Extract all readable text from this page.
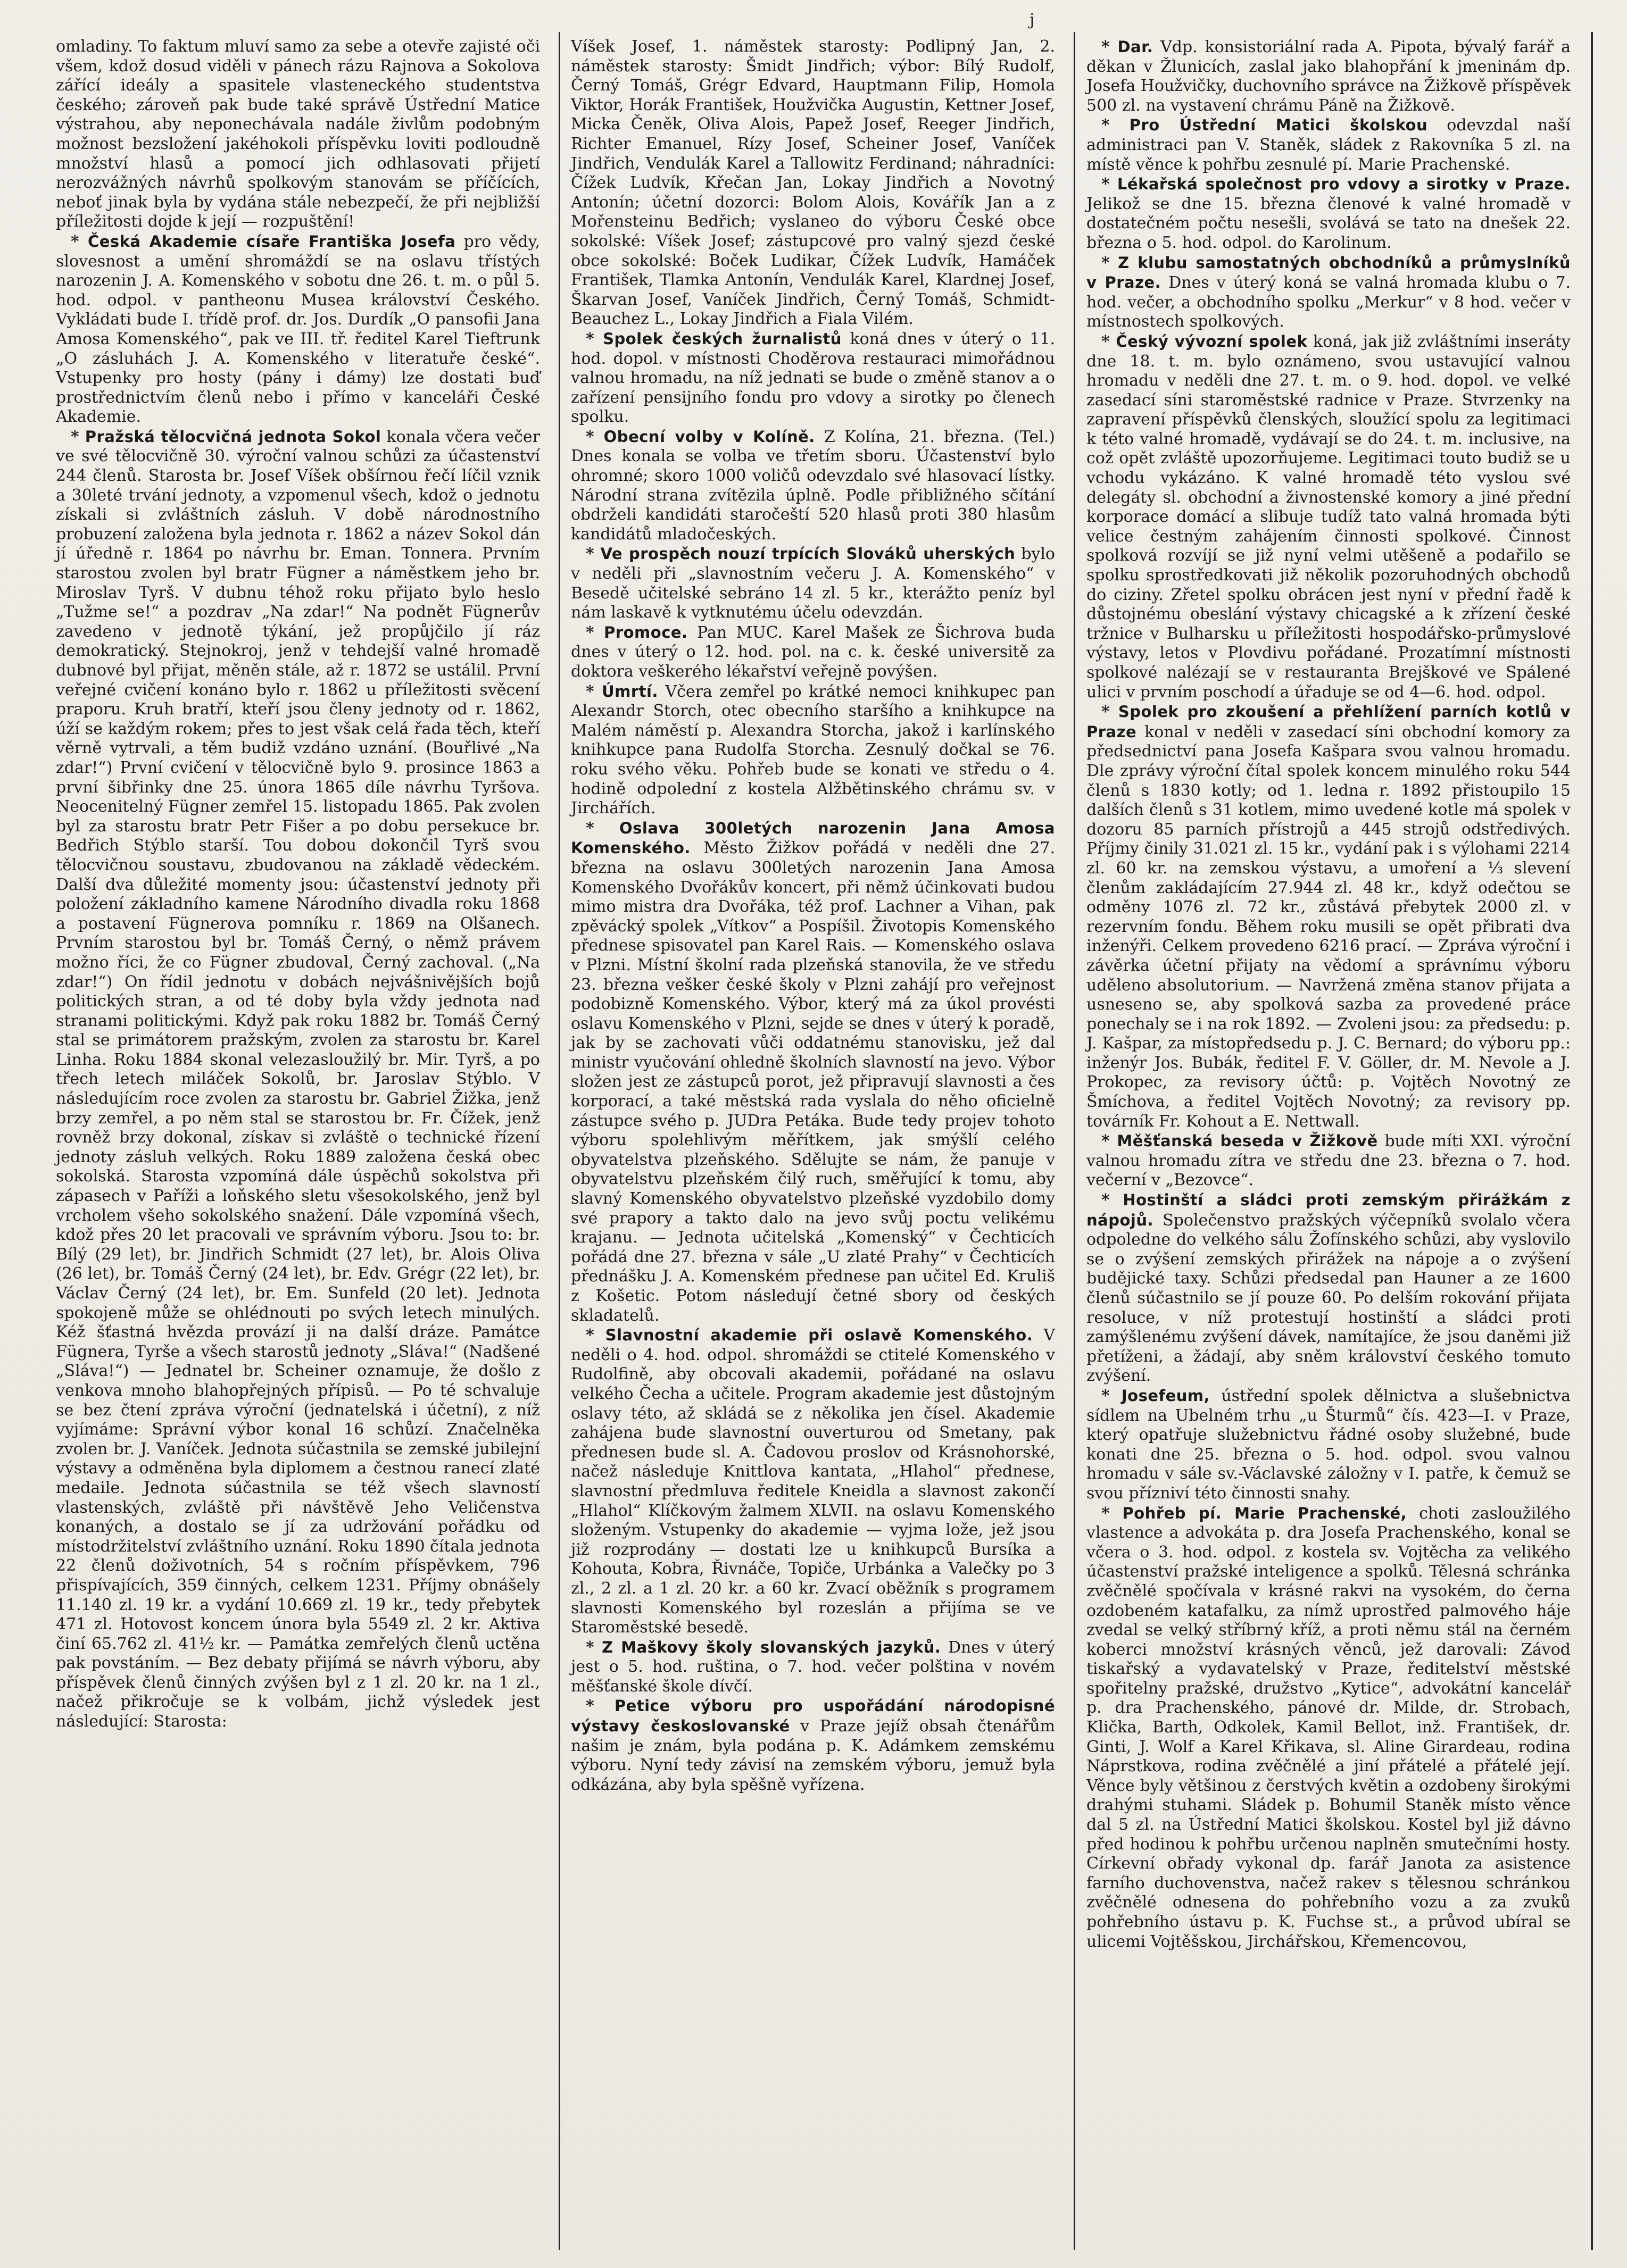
j

omladiny. To faktum mluví samo za sebe a otevře zajisté oči všem, kdož dosud viděli v pánech rázu Rajnova a Sokolova zářící ideály a spasitele vlasteneckého studentstva českého; zároveň pak bude také správě Ústřední Matice výstrahou, aby neponechávala nadále živlům podobným možnost bezsložení jakéhokoli příspěvku loviti podloudně množství hlasů a pomocí jich odhlasovati přijetí nerozvážných návrhů spolkovým stanovám se příčících, neboť jinak byla by vydána stále nebezpečí, že při nejbližší příležitosti dojde k její — rozpuštění!

* Česká Akademie císaře Františka Josefa pro vědy, slovesnost a umění shromáždí se na oslavu třístých narozenin J. A. Komenského v sobotu dne 26. t. m. o půl 5. hod. odpol. v pantheonu Musea království Českého. Vykládati bude I. třídě prof. dr. Jos. Durdík „O pansofii Jana Amosa Komenského“, pak ve III. tř. ředitel Karel Tieftrunk „O zásluhách J. A. Komenského v literatuře české“. Vstupenky pro hosty (pány i dámy) lze dostati buď prostřednictvím členů nebo i přímo v kanceláři České Akademie.

* Pražská tělocvičná jednota Sokol konala včera večer ve své tělocvičně 30. výroční valnou schůzi za účastenství 244 členů. Starosta br. Josef Víšek obšírnou řečí líčil vznik a 30leté trvání jednoty, a vzpomenul všech, kdož o jednotu získali si zvláštních zásluh. V době národnostního probuzení založena byla jednota r. 1862 a název Sokol dán jí úředně r. 1864 po návrhu br. Eman. Tonnera. Prvním starostou zvolen byl bratr Fügner a náměstkem jeho br. Miroslav Tyrš. V dubnu téhož roku přijato bylo heslo „Tužme se!“ a pozdrav „Na zdar!“ Na podnět Fügnerův zavedeno v jednotě týkání, jež propůjčilo jí ráz demokratický. Stejnokroj, jenž v tehdejší valné hromadě dubnové byl přijat, měněn stále, až r. 1872 se ustálil. První veřejné cvičení konáno bylo r. 1862 u příležitosti svěcení praporu. Kruh bratří, kteří jsou členy jednoty od r. 1862, úží se každým rokem; přes to jest však celá řada těch, kteří věrně vytrvali, a těm budiž vzdáno uznání. (Bouřlivé „Na zdar!“) První cvičení v tělocvičně bylo 9. prosince 1863 a první šibřinky dne 25. února 1865 díle návrhu Tyršova. Neocenitelný Fügner zemřel 15. listopadu 1865. Pak zvolen byl za starostu bratr Petr Fišer a po dobu persekuce br. Bedřich Stýblo starší. Tou dobou dokončil Tyrš svou tělocvičnou soustavu, zbudovanou na základě vědeckém. Další dva důležité momenty jsou: účastenství jednoty při položení základního kamene Národního divadla roku 1868 a postavení Fügnerova pomníku r. 1869 na Olšanech. Prvním starostou byl br. Tomáš Černý, o němž právem možno říci, že co Fügner zbudoval, Černý zachoval. („Na zdar!“) On řídil jednotu v dobách nejvášnivějších bojů politických stran, a od té doby byla vždy jednota nad stranami politickými. Když pak roku 1882 br. Tomáš Černý stal se primátorem pražským, zvolen za starostu br. Karel Linha. Roku 1884 skonal velezasloužilý br. Mir. Tyrš, a po třech letech miláček Sokolů, br. Jaroslav Stýblo. V následujícím roce zvolen za starostu br. Gabriel Žižka, jenž brzy zemřel, a po něm stal se starostou br. Fr. Čížek, jenž rovněž brzy dokonal, získav si zvláště o technické řízení jednoty zásluh velkých. Roku 1889 založena česká obec sokolská. Starosta vzpomíná dále úspěchů sokolstva při zápasech v Paříži a loňského sletu všesokolského, jenž byl vrcholem všeho sokolského snažení. Dále vzpomíná všech, kdož přes 20 let pracovali ve správním výboru. Jsou to: br. Bílý (29 let), br. Jindřich Schmidt (27 let), br. Alois Oliva (26 let), br. Tomáš Černý (24 let), br. Edv. Grégr (22 let), br. Václav Černý (24 let), br. Em. Sunfeld (20 let). Jednota spokojeně může se ohlédnouti po svých letech minulých. Kéž šťastná hvězda provází ji na další dráze. Památce Fügnera, Tyrše a všech starostů jednoty „Sláva!“ (Nadšené „Sláva!“) — Jednatel br. Scheiner oznamuje, že došlo z venkova mnoho blahopřejných přípisů. — Po té schvaluje se bez čtení zpráva výroční (jednatelská i účetní), z níž vyjímáme: Správní výbor konal 16 schůzí. Značelněka zvolen br. J. Vaníček. Jednota súčastnila se zemské jubilejní výstavy a odměněna byla diplomem a čestnou ranecí zlaté medaile. Jednota súčastnila se též všech slavností vlastenských, zvláště při návštěvě Jeho Veličenstva konaných, a dostalo se jí za udržování pořádku od místodržitelství zvláštního uznání. Roku 1890 čítala jednota 22 členů doživotních, 54 s ročním příspěvkem, 796 přispívajících, 359 činných, celkem 1231. Příjmy obnášely 11.140 zl. 19 kr. a vydání 10.669 zl. 19 kr., tedy přebytek 471 zl. Hotovost koncem února byla 5549 zl. 2 kr. Aktiva činí 65.762 zl. 41½ kr. — Památka zemřelých členů uctěna pak povstáním. — Bez debaty přijímá se návrh výboru, aby příspěvek členů činných zvýšen byl z 1 zl. 20 kr. na 1 zl., načež přikročuje se k volbám, jichž výsledek jest následující: Starosta:

Víšek Josef, 1. náměstek starosty: Podlipný Jan, 2. náměstek starosty: Šmidt Jindřich; výbor: Bílý Rudolf, Černý Tomáš, Grégr Edvard, Hauptmann Filip, Homola Viktor, Horák František, Houžvička Augustin, Kettner Josef, Micka Čeněk, Oliva Alois, Papež Josef, Reeger Jindřich, Richter Emanuel, Rízy Josef, Scheiner Josef, Vaníček Jindřich, Vendulák Karel a Tallowitz Ferdinand; náhradníci: Čížek Ludvík, Křečan Jan, Lokay Jindřich a Novotný Antonín; účetní dozorci: Bolom Alois, Kovářík Jan a z Mořensteinu Bedřich; vyslaneo do výboru České obce sokolské: Víšek Josef; zástupcové pro valný sjezd české obce sokolské: Boček Ludikar, Čížek Ludvík, Hamáček František, Tlamka Antonín, Vendulák Karel, Klardnej Josef, Škarvan Josef, Vaníček Jindřich, Černý Tomáš, Schmidt-Beauchez L., Lokay Jindřich a Fiala Vilém.

* Spolek českých žurnalistů koná dnes v úterý o 11. hod. dopol. v místnosti Choděrova restauraci mimořádnou valnou hromadu, na níž jednati se bude o změně stanov a o zařízení pensijního fondu pro vdovy a sirotky po členech spolku.

* Obecní volby v Kolíně. Z Kolína, 21. března. (Tel.) Dnes konala se volba ve třetím sboru. Účastenství bylo ohromné; skoro 1000 voličů odevzdalo své hlasovací lístky. Národní strana zvítězila úplně. Podle přibližného sčítání obdrželi kandidáti staročeští 520 hlasů proti 380 hlasům kandidátů mladočeských.

* Ve prospěch nouzí trpících Slováků uherských bylo v neděli při „slavnostním večeru J. A. Komenského“ v Besedě učitelské sebráno 14 zl. 5 kr., kterážto peníz byl nám laskavě k vytknutému účelu odevzdán.

* Promoce. Pan MUC. Karel Mašek ze Šichrova buda dnes v úterý o 12. hod. pol. na c. k. české universitě za doktora veškerého lékařství veřejně povýšen.

* Úmrtí. Včera zemřel po krátké nemoci knihkupec pan Alexandr Storch, otec obecního staršího a knihkupce na Malém náměstí p. Alexandra Storcha, jakož i karlínského knihkupce pana Rudolfa Storcha. Zesnulý dočkal se 76. roku svého věku. Pohřeb bude se konati ve středu o 4. hodině odpolední z kostela Alžbětinského chrámu sv. v Jirchářích.

* Oslava 300letých narozenin Jana Amosa Komenského. Město Žižkov pořádá v neděli dne 27. března na oslavu 300letých narozenin Jana Amosa Komenského Dvořákův koncert, při němž účinkovati budou mimo mistra dra Dvořáka, též prof. Lachner a Vihan, pak zpěvácký spolek „Vítkov“ a Pospíšil. Životopis Komenského přednese spisovatel pan Karel Rais. — Komenského oslava v Plzni. Místní školní rada plzeňská stanovila, že ve středu 23. března vešker české školy v Plzni zahájí pro veřejnost podobizně Komenského. Výbor, který má za úkol provésti oslavu Komenského v Plzni, sejde se dnes v úterý k poradě, jak by se zachovati vůči oddatnému stanovisku, jež dal ministr vyučování ohledně školních slavností na jevo. Výbor složen jest ze zástupců porot, jež připravují slavnosti a čes korporací, a také městská rada vyslala do něho oficielně zástupce svého p. JUDra Petáka. Bude tedy projev tohoto výboru spolehlivým měřítkem, jak smýšlí celého obyvatelstva plzeňského. Sdělujte se nám, že panuje v obyvatelstvu plzeňském čilý ruch, směřující k tomu, aby slavný Komenského obyvatelstvo plzeňské vyzdobilo domy své prapory a takto dalo na jevo svůj poctu velikému krajanu. — Jednota učitelská „Komenský“ v Čechticích pořádá dne 27. března v sále „U zlaté Prahy“ v Čechticích přednášku J. A. Komenském přednese pan učitel Ed. Kruliš z Košetic. Potom následují četné sbory od českých skladatelů.

* Slavnostní akademie při oslavě Komenského. V neděli o 4. hod. odpol. shromáždi se ctitelé Komenského v Rudolfině, aby obcovali akademii, pořádané na oslavu velkého Čecha a učitele. Program akademie jest důstojným oslavy této, až skládá se z několika jen čísel. Akademie zahájena bude slavnostní ouverturou od Smetany, pak přednesen bude sl. A. Čadovou proslov od Krásnohorské, načež následuje Knittlova kantata, „Hlahol“ přednese, slavnostní předmluva ředitele Kneidla a slavnost zakončí „Hlahol“ Klíčkovým žalmem XLVII. na oslavu Komenského složeným. Vstupenky do akademie — vyjma lože, jež jsou již rozprodány — dostati lze u knihkupců Bursíka a Kohouta, Kobra, Řivnáče, Topiče, Urbánka a Valečky po 3 zl., 2 zl. a 1 zl. 20 kr. a 60 kr. Zvací oběžník s programem slavnosti Komenského byl rozeslán a přijíma se ve Staroměstské besedě.

* Z Maškovy školy slovanských jazyků. Dnes v úterý jest o 5. hod. ruština, o 7. hod. večer polština v novém měšťanské škole dívčí.

* Petice výboru pro uspořádání národopisné výstavy českoslovanské v Praze jejíž obsah čtenářům našim je znám, byla podána p. K. Adámkem zemskému výboru. Nyní tedy závisí na zemském výboru, jemuž byla odkázána, aby byla spěšně vyřízena.

* Dar. Vdp. konsistoriální rada A. Pipota, bývalý farář a děkan v Žlunicích, zaslal jako blahopřání k jmeninám dp. Josefa Houžvičky, duchovního správce na Žižkově příspěvek 500 zl. na vystavení chrámu Páně na Žižkově.

* Pro Ústřední Matici školskou odevzdal naší administraci pan V. Staněk, sládek z Rakovníka 5 zl. na místě věnce k pohřbu zesnulé pí. Marie Prachenské.

* Lékařská společnost pro vdovy a sirotky v Praze. Jelikož se dne 15. března členové k valné hromadě v dostatečném počtu nesešli, svolává se tato na dnešek 22. března o 5. hod. odpol. do Karolinum.

* Z klubu samostatných obchodníků a průmyslníků v Praze. Dnes v úterý koná se valná hromada klubu o 7. hod. večer, a obchodního spolku „Merkur“ v 8 hod. večer v místnostech spolkových.

* Český vývozní spolek koná, jak již zvláštními inseráty dne 18. t. m. bylo oznámeno, svou ustavující valnou hromadu v neděli dne 27. t. m. o 9. hod. dopol. ve velké zasedací síni staroměstské radnice v Praze. Stvrzenky na zapravení příspěvků členských, sloužící spolu za legitimaci k této valné hromadě, vydávají se do 24. t. m. inclusive, na což opět zvláště upozorňujeme. Legitimaci touto budiž se u vchodu vykázáno. K valné hromadě této vyslou své delegáty sl. obchodní a živnostenské komory a jiné přední korporace domácí a slibuje tudíž tato valná hromada býti velice čestným zahájením činnosti spolkové. Činnost spolková rozvíjí se již nyní velmi utěšeně a podařilo se spolku sprostředkovati již několik pozoruhodných obchodů do ciziny. Zřetel spolku obrácen jest nyní v přední řadě k důstojnému obeslání výstavy chicagské a k zřízení české tržnice v Bulharsku u příležitosti hospodářsko-průmyslové výstavy, letos v Plovdivu pořádané. Prozatímní místnosti spolkové nalézají se v restauranta Brejškové ve Spálené ulici v prvním poschodí a úřaduje se od 4—6. hod. odpol.

* Spolek pro zkoušení a přehlížení parních kotlů v Praze konal v neděli v zasedací síni obchodní komory za předsednictví pana Josefa Kašpara svou valnou hromadu. Dle zprávy výroční čítal spolek koncem minulého roku 544 členů s 1830 kotly; od 1. ledna r. 1892 přistoupilo 15 dalších členů s 31 kotlem, mimo uvedené kotle má spolek v dozoru 85 parních přístrojů a 445 strojů odstředivých. Příjmy činily 31.021 zl. 15 kr., vydání pak i s výlohami 2214 zl. 60 kr. na zemskou výstavu, a umoření a ⅓ slevení členům zakládajícím 27.944 zl. 48 kr., když odečtou se odměny 1076 zl. 72 kr., zůstává přebytek 2000 zl. v rezervním fondu. Během roku musili se opět přibrati dva inženýři. Celkem provedeno 6216 prací. — Zpráva výroční i závěrka účetní přijaty na vědomí a správnímu výboru uděleno absolutorium. — Navržená změna stanov přijata a usneseno se, aby spolková sazba za provedené práce ponechaly se i na rok 1892. — Zvoleni jsou: za předsedu: p. J. Kašpar, za místopředsedu p. J. C. Bernard; do výboru pp.: inženýr Jos. Bubák, ředitel F. V. Göller, dr. M. Nevole a J. Prokopec, za revisory účtů: p. Vojtěch Novotný ze Šmíchova, a ředitel Vojtěch Novotný; za revisory pp. továrník Fr. Kohout a E. Nettwall.

* Měšťanská beseda v Žižkově bude míti XXI. výroční valnou hromadu zítra ve středu dne 23. března o 7. hod. večerní v „Bezovce“.

* Hostinští a sládci proti zemským přirážkám z nápojů. Společenstvo pražských výčepníků svolalo včera odpoledne do velkého sálu Žofínského schůzi, aby vyslovilo se o zvýšení zemských přirážek na nápoje a o zvýšení budějické taxy. Schůzi předsedal pan Hauner a ze 1600 členů súčastnilo se jí pouze 60. Po delším rokování přijata resoluce, v níž protestují hostinští a sládci proti zamýšlenému zvýšení dávek, namítajíce, že jsou daněmi již přetíženi, a žádají, aby sněm království českého tomuto zvýšení.

* Josefeum, ústřední spolek dělnictva a slušebnictva sídlem na Ubelném trhu „u Šturmů“ čís. 423—I. v Praze, který opatřuje služebnictvu řádné osoby služebné, bude konati dne 25. března o 5. hod. odpol. svou valnou hromadu v sále sv.-Václavské záložny v I. patře, k čemuž se svou přízniví této činnosti snahy.

* Pohřeb pí. Marie Prachenské, choti zasloužilého vlastence a advokáta p. dra Josefa Prachenského, konal se včera o 3. hod. odpol. z kostela sv. Vojtěcha za velikého účastenství pražské inteligence a spolků. Tělesná schránka zvěčnělé spočívala v krásné rakvi na vysokém, do černa ozdobeném katafalku, za nímž uprostřed palmového háje zvedal se velký stříbrný kříž, a proti němu stál na černém koberci množství krásných věnců, jež darovali: Závod tiskařský a vydavatelský v Praze, ředitelství městské spořitelny pražské, družstvo „Kytice“, advokátní kancelář p. dra Prachenského, pánové dr. Milde, dr. Strobach, Klička, Barth, Odkolek, Kamil Bellot, inž. František, dr. Ginti, J. Wolf a Karel Křikava, sl. Aline Girardeau, rodina Náprstkova, rodina zvěčnělé a jiní přátelé a přátelé její. Věnce byly většinou z čerstvých květin a ozdobeny širokými drahými stuhami. Sládek p. Bohumil Staněk místo věnce dal 5 zl. na Ústřední Matici školskou. Kostel byl již dávno před hodinou k pohřbu určenou naplněn smutečními hosty. Církevní obřady vykonal dp. farář Janota za asistence farního duchovenstva, načež rakev s tělesnou schránkou zvěčnělé odnesena do pohřebního vozu a za zvuků pohřebního ústavu p. K. Fuchse st., a průvod ubíral se ulicemi Vojtěšskou, Jirchářskou, Křemencovou,
